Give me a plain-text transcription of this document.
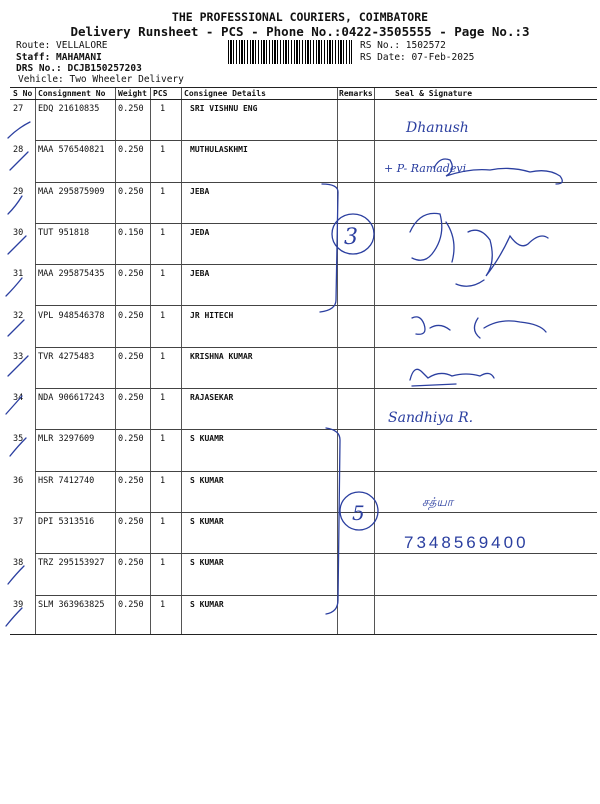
THE PROFESSIONAL COURIERS, COIMBATORE
Delivery Runsheet - PCS - Phone No.:0422-3505555 - Page No.:3
Route: VELLALORE
Staff: MAHAMANI
DRS No.: DCJB150257203
Vehicle: Two Wheeler Delivery
RS No.: 1502572
RS Date: 07-Feb-2025
S No Consignment No Weight PCS Consignee Details	Remarks	Seal & Signature
27 EDQ 21610835 0.250 1	SRI VISHNU ENG
28 MAA 576540821 0.250 1	MUTHULASKHMI
29 MAA 295875909 0.250 1	JEBA
30 TUT 951818	0.150 1	JEDA
31 MAA 295875435 0.250 1	JEBA
32 VPL 948546378 0.250 1	JR HITECH
33 TVR 4275483	0.250 1	KRISHNA KUMAR
34 NDA 906617243 0.250 1	RAJASEKAR
35 MLR 3297609	0.250 1	S KUAMR
36 HSR 7412740	0.250 1	S KUMAR
37 DPI 5313516	0.250 1	S KUMAR
38 TRZ 295153927 0.250 1	S KUMAR
39 SLM 363963825 0.250 1	S KUMAR
Dhanush
+ P- Ramadevi
3
Sandhiya R.
5	சத்யா
7348569400
